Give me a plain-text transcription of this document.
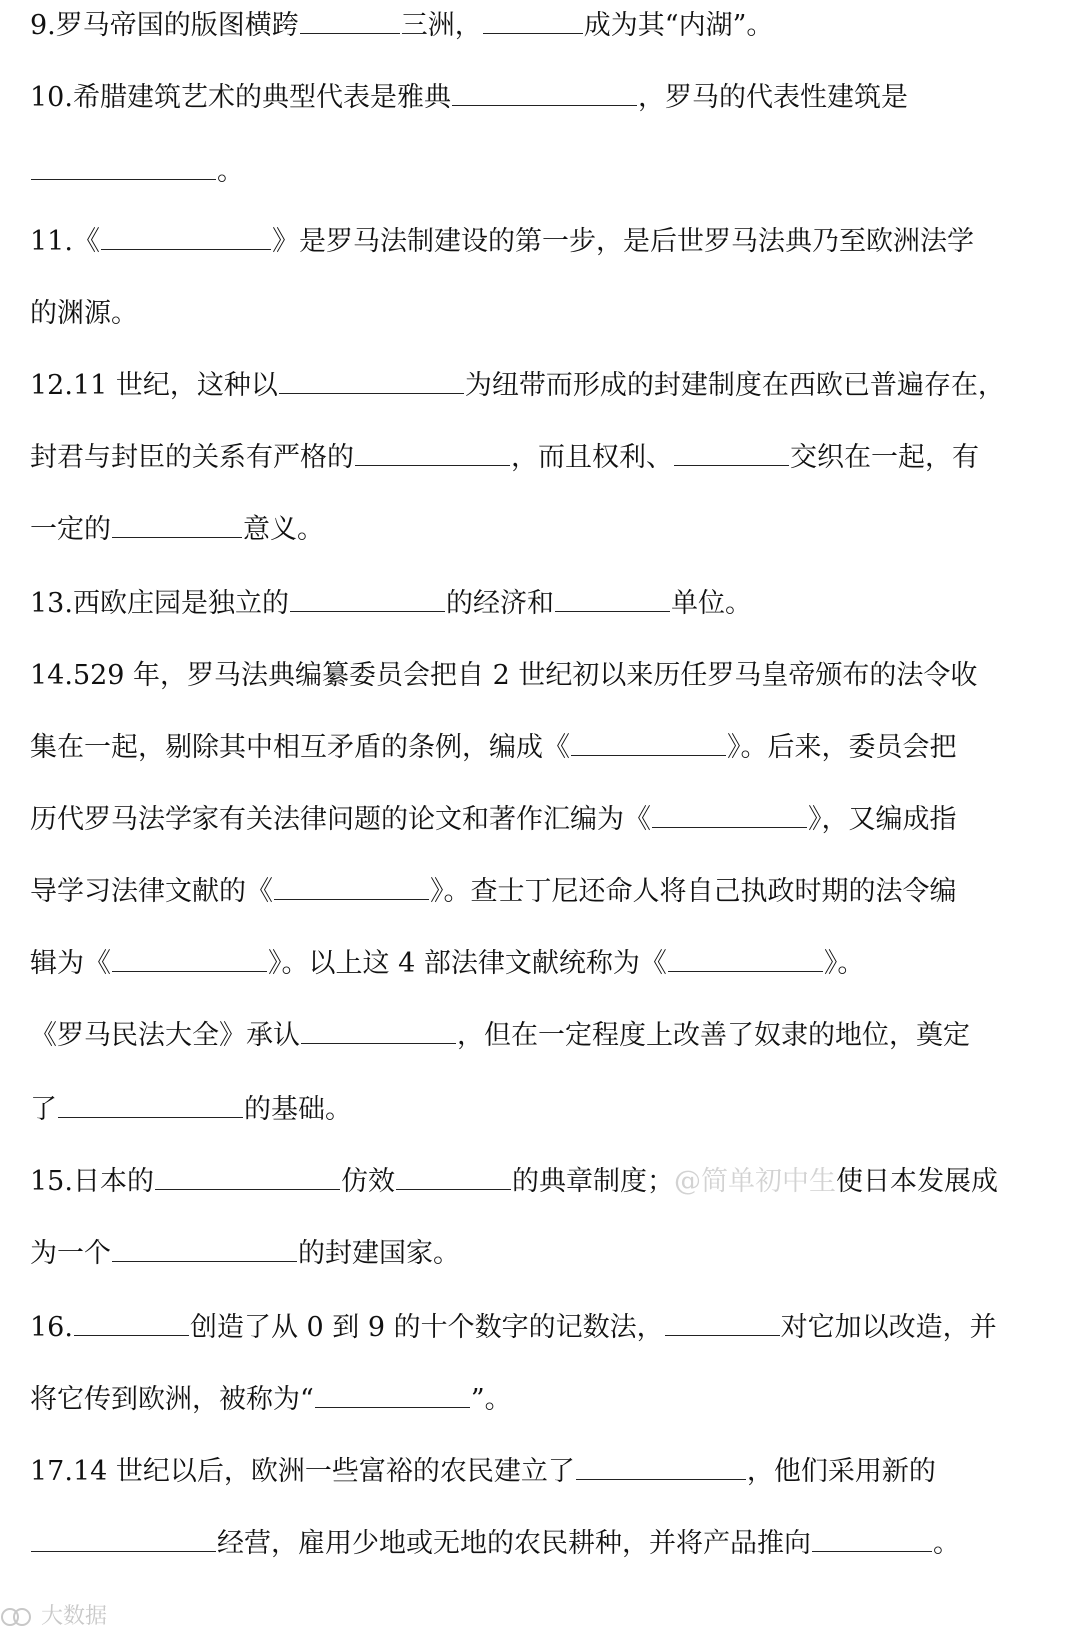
9.罗马帝国的版图横跨	三洲，	成为其“内湖”。
10.希腊建筑艺术的典型代表是雅典	，罗马的代表性建筑是
。
11.《	》是罗马法制建设的第一步，是后世罗马法典乃至欧洲法学
的渊源。
12.11 世纪，这种以	为纽带而形成的封建制度在西欧已普遍存在，
封君与封臣的关系有严格的	，而且权利、	交织在一起，有
一定的	意义。
13.西欧庄园是独立的	的经济和	单位。
14.529 年，罗马法典编纂委员会把自 2 世纪初以来历任罗马皇帝颁布的法令收
集在一起，剔除其中相互矛盾的条例，编成《	》。后来，委员会把
历代罗马法学家有关法律问题的论文和著作汇编为《	》，又编成指
导学习法律文献的《	》。查士丁尼还命人将自己执政时期的法令编
辑为《	》。以上这 4 部法律文献统称为《	》。
《罗马民法大全》承认	，但在一定程度上改善了奴隶的地位，奠定
了	的基础。
15.日本的	仿效	的典章制度；@简单初中生使日本发展成
为一个	的封建国家。
16.	创造了从 0 到 9 的十个数字的记数法，	对它加以改造，并
将它传到欧洲，被称为“	”。
17.14 世纪以后，欧洲一些富裕的农民建立了	，他们采用新的
经营，雇用少地或无地的农民耕种，并将产品推向	。
大数据
